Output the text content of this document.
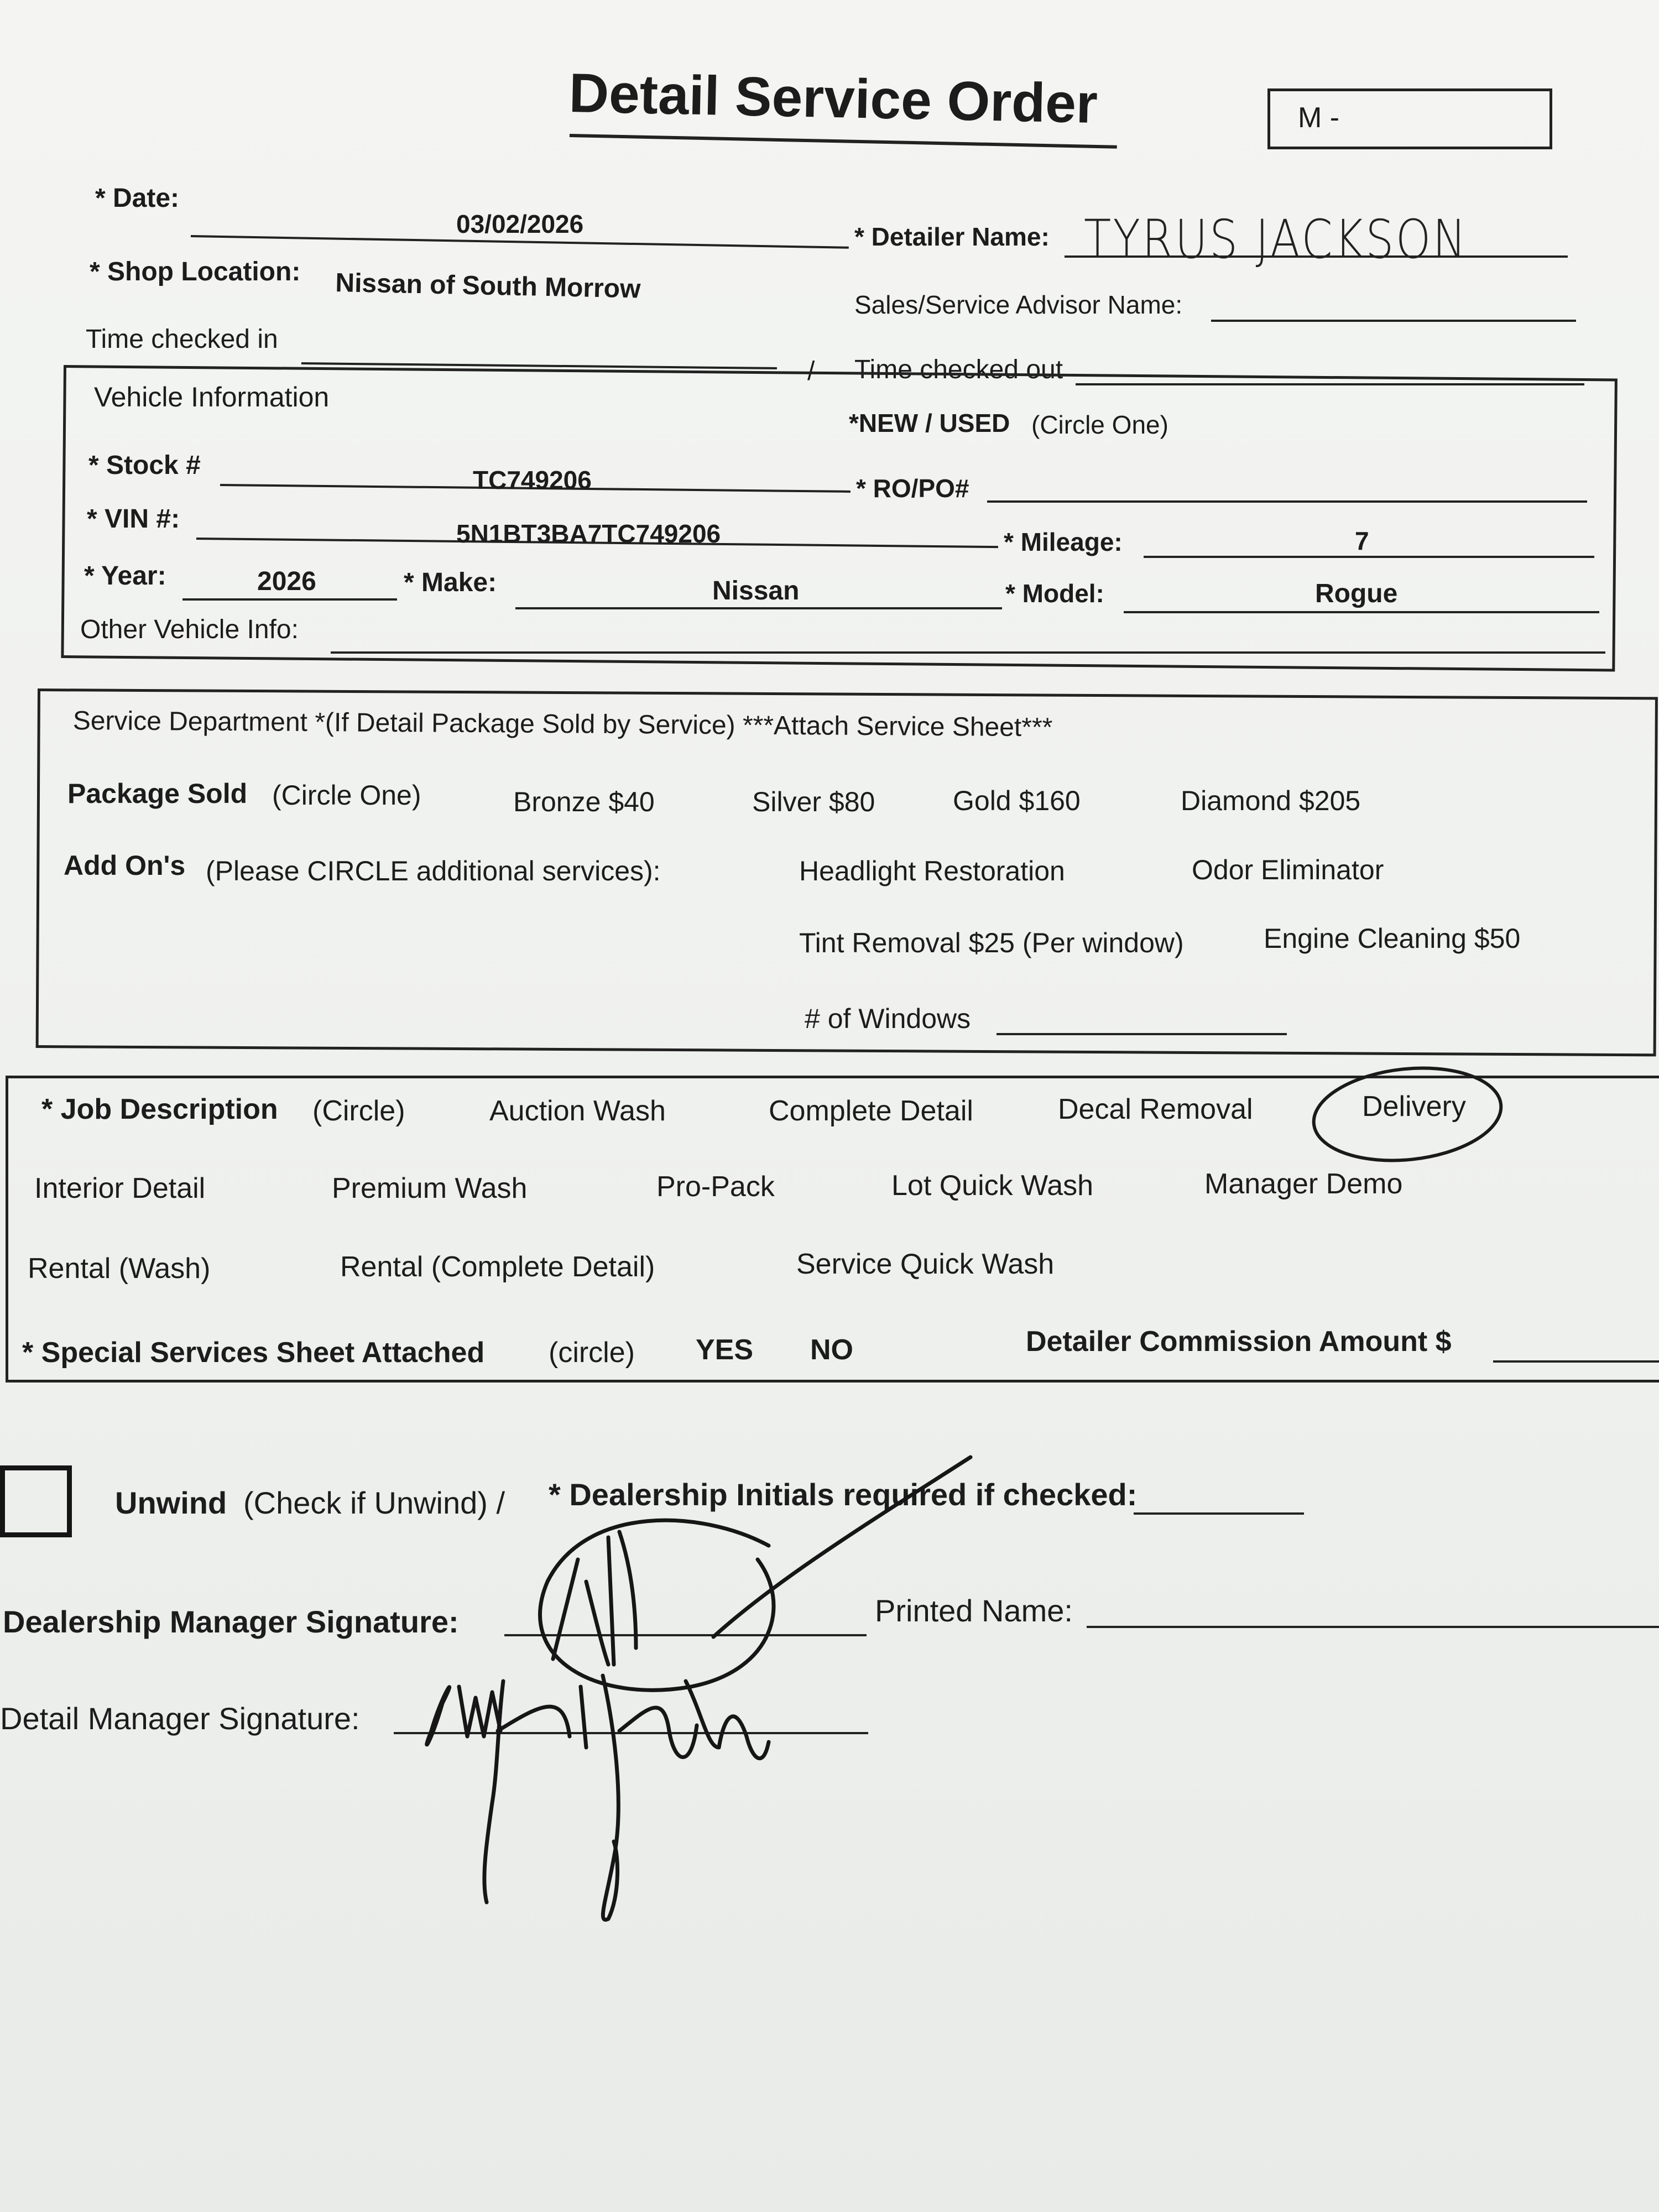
Detail Service Order	M -
* Date:
03/02/2026	* Detailer Name: TYRUS JACKSON
* Shop Location: Nissan of South Morrow
Sales/Service Advisor Name:
Time checked in
/ Time checked out
Vehicle Information
*NEW / USED (Circle One)
* Stock #	TC749206	* RO/PO#
* VIN #:	5N1BT3BA7TC749206	* Mileage:	7
* Year:	2026	* Make:	Nissan	* Model:	Rogue
Other Vehicle Info:
Service Department *(If Detail Package Sold by Service) ***Attach Service Sheet***
Package Sold (Circle One)	Bronze $40	Silver $80	Gold $160	Diamond $205
Add On's (Please CIRCLE additional services):	Headlight Restoration	Odor Eliminator
Tint Removal $25 (Per window)	Engine Cleaning $50
# of Windows
* Job Description (Circle)	Auction Wash	Complete Detail	Decal Removal	Delivery
Interior Detail	Premium Wash	Pro-Pack	Lot Quick Wash	Manager Demo
Rental (Wash)	Rental (Complete Detail)	Service Quick Wash
* Special Services Sheet Attached (circle) YES NO	Detailer Commission Amount $
Unwind (Check if Unwind) / * Dealership Initials required if checked:
Dealership Manager Signature:	Printed Name:
Detail Manager Signature:
